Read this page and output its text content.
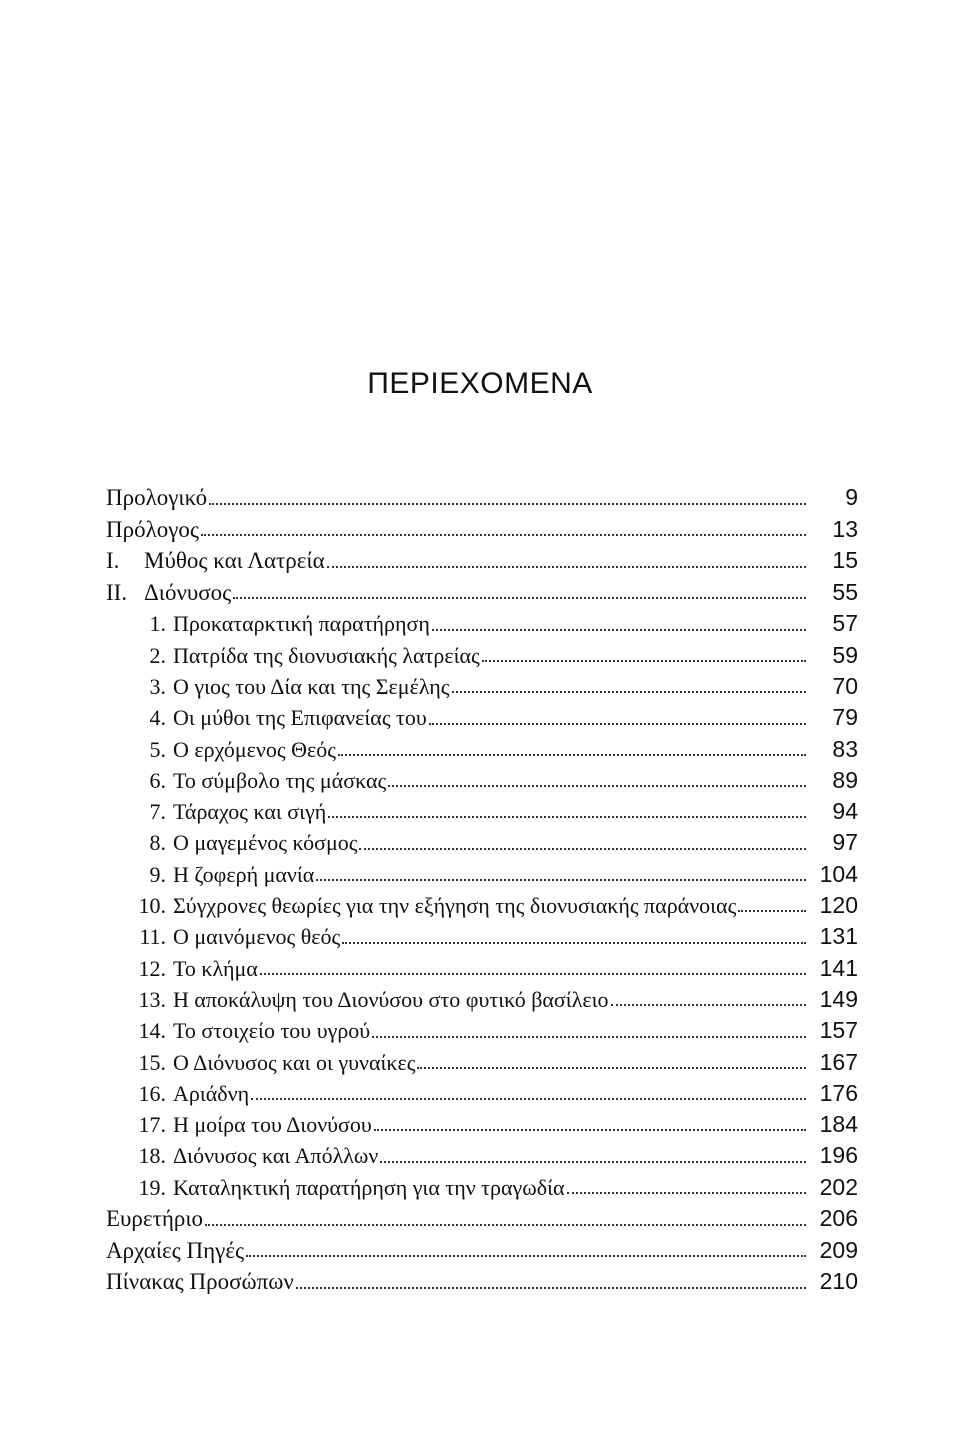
ΠΕΡΙΕΧΟΜΕΝΑ
Προλογικό	9
Πρόλογος	13
I.	Μύθος και Λατρεία	15
II. Διόνυσος	55
1. Προκαταρκτική παρατήρηση	57
2. Πατρίδα της διονυσιακής λατρείας	59
3. Ο γιος του Δία και της Σεμέλης	70
4. Οι μύθοι της Επιφανείας του	79
5. Ο ερχόμενος Θεός	83
6. Το σύμβολο της μάσκας	89
7. Τάραχος και σιγή	94
8. Ο μαγεμένος κόσμος	97
9. Η ζοφερή μανία	104
10. Σύγχρονες θεωρίες για την εξήγηση της διονυσιακής παράνοιας	120
11. Ο μαινόμενος θεός	131
12. Το κλήμα	141
13. Η αποκάλυψη του Διονύσου στο φυτικό βασίλειο	149
14. Το στοιχείο του υγρού	157
15. Ο Διόνυσος και οι γυναίκες	167
16. Αριάδνη	176
17. Η μοίρα του Διονύσου	184
18. Διόνυσος και Απόλλων	196
19. Καταληκτική παρατήρηση για την τραγωδία	202
Ευρετήριο	206
Αρχαίες Πηγές	209
Πίνακας Προσώπων	210
